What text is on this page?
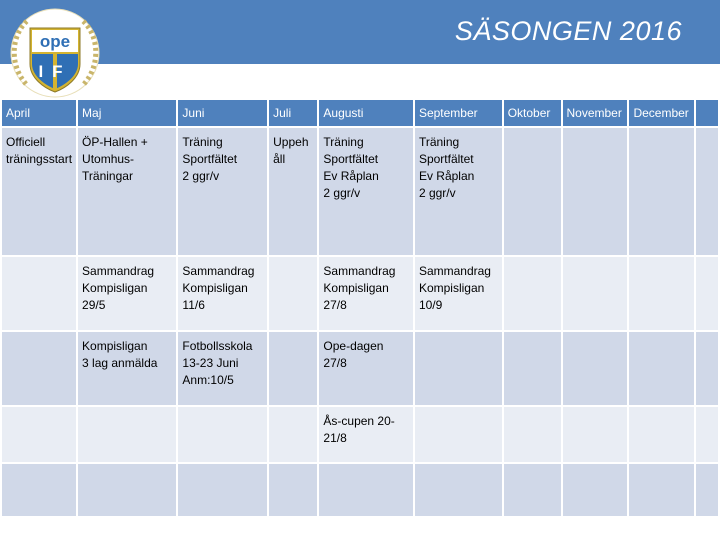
SÄSONGEN 2016
ope
IF
April	Maj	Juni	Juli	Augusti	September	Oktober	November	December	
Officiell
träningsstart	ÖP-Hallen +
Utomhus-
Träningar	Träning
Sportfältet
2 ggr/v	Uppehåll	Träning
Sportfältet
Ev Råplan
2 ggr/v	Träning
Sportfältet
Ev Råplan
2 ggr/v				
	Sammandrag
Kompisligan
29/5	Sammandrag
Kompisligan
11/6		Sammandrag
Kompisligan
27/8	Sammandrag
Kompisligan
10/9				
	Kompisligan
3 lag anmälda	Fotbollsskola
13-23 Juni
Anm:10/5		Ope-dagen
27/8					
				Ås-cupen 20-21/8					
